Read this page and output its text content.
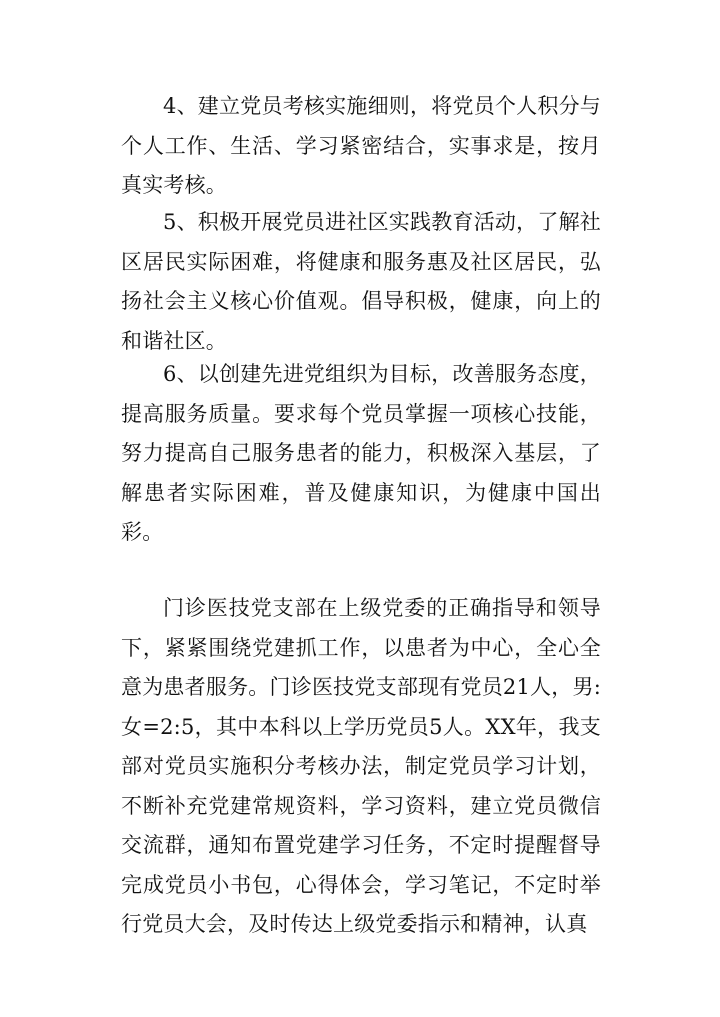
4、建立党员考核实施细则，将党员个人积分与个人工作、生活、学习紧密结合，实事求是，按月真实考核。

5、积极开展党员进社区实践教育活动，了解社区居民实际困难，将健康和服务惠及社区居民，弘扬社会主义核心价值观。倡导积极，健康，向上的和谐社区。

6、以创建先进党组织为目标，改善服务态度，提高服务质量。要求每个党员掌握一项核心技能，努力提高自己服务患者的能力，积极深入基层，了解患者实际困难，普及健康知识，为健康中国出彩。

门诊医技党支部在上级党委的正确指导和领导下，紧紧围绕党建抓工作，以患者为中心，全心全意为患者服务。门诊医技党支部现有党员21人，男:女=2:5，其中本科以上学历党员5人。XX年，我支部对党员实施积分考核办法，制定党员学习计划，不断补充党建常规资料，学习资料，建立党员微信交流群，通知布置党建学习任务，不定时提醒督导完成党员小书包，心得体会，学习笔记，不定时举行党员大会，及时传达上级党委指示和精神，认真
